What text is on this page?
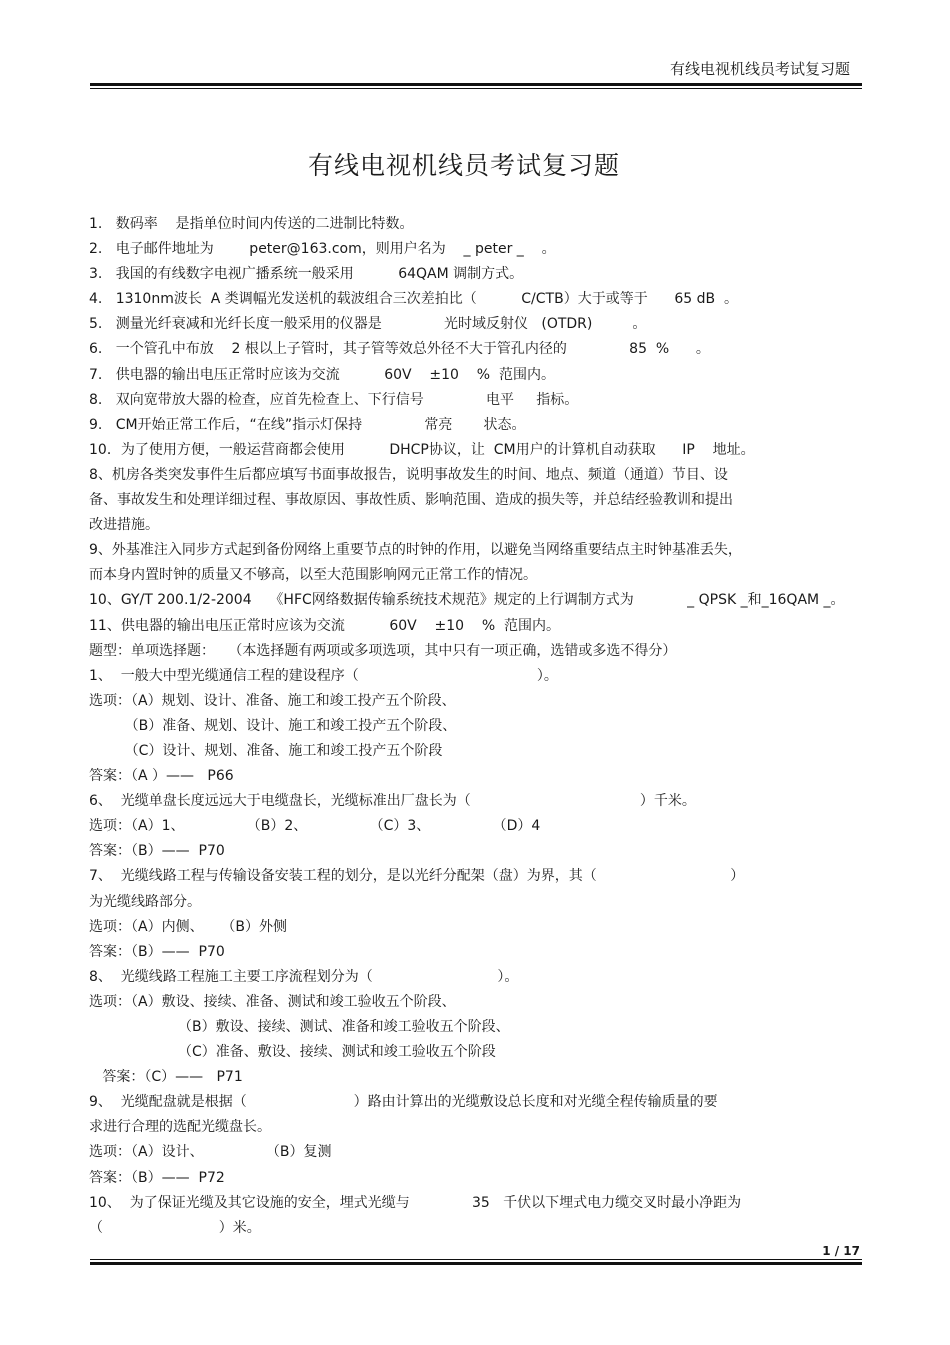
有线电视机线员考试复习题
有线电视机线员考试复习题
1.   数码率    是指单位时间内传送的二进制比特数。
2.   电子邮件地址为        peter@163.com，则用户名为    _ peter _    。
3.   我国的有线数字电视广播系统一般采用          64QAM 调制方式。
4.   1310nm波长  A 类调幅光发送机的载波组合三次差拍比（          C/CTB）大于或等于      65 dB  。
5.   测量光纤衰减和光纤长度一般采用的仪器是              光时域反射仪   (OTDR)         。
6.   一个管孔中布放    2 根以上子管时，其子管等效总外径不大于管孔内径的              85  %      。
7.   供电器的输出电压正常时应该为交流          60V    ±10    %  范围内。
8.   双向宽带放大器的检查，应首先检查上、下行信号              电平     指标。
9.   CM开始正常工作后，“在线”指示灯保持              常亮       状态。
10．为了使用方便，一般运营商都会使用          DHCP协议，让  CM用户的计算机自动获取      IP    地址。
8、机房各类突发事件生后都应填写书面事故报告，说明事故发生的时间、地点、频道（通道）节目、设
备、事故发生和处理详细过程、事故原因、事故性质、影响范围、造成的损失等，并总结经验教训和提出
改进措施。
9、外基准注入同步方式起到备份网络上重要节点的时钟的作用，以避免当网络重要结点主时钟基准丢失，
而本身内置时钟的质量又不够高，以至大范围影响网元正常工作的情况。
10、GY/T 200.1/2-2004    《HFC网络数据传输系统技术规范》规定的上行调制方式为            _ QPSK _和_16QAM _。
11、供电器的输出电压正常时应该为交流          60V    ±10    %  范围内。
题型：单项选择题：   （本选择题有两项或多项选项，其中只有一项正确，选错或多选不得分）
1、  一般大中型光缆通信工程的建设程序（                                        ）。
选项：（A）规划、设计、准备、施工和竣工投产五个阶段、
（B）准备、规划、设计、施工和竣工投产五个阶段、
（C）设计、规划、准备、施工和竣工投产五个阶段
答案：（A ）——   P66
6、  光缆单盘长度远远大于电缆盘长，光缆标准出厂盘长为（                                      ）千米。
选项：（A）1、              （B）2、              （C）3、              （D）4
答案：（B）——  P70
7、  光缆线路工程与传输设备安装工程的划分，是以光纤分配架（盘）为界，其（                              ）
为光缆线路部分。
选项：（A）内侧、    （B）外侧
答案：（B）——  P70
8、  光缆线路工程施工主要工序流程划分为（                            ）。
选项：（A）敷设、接续、准备、测试和竣工验收五个阶段、
（B）敷设、接续、测试、准备和竣工验收五个阶段、
（C）准备、敷设、接续、测试和竣工验收五个阶段
答案：（C）——   P71
9、  光缆配盘就是根据（                        ）路由计算出的光缆敷设总长度和对光缆全程传输质量的要
求进行合理的选配光缆盘长。
选项：（A）设计、              （B）复测
答案：（B）——  P72
10、  为了保证光缆及其它设施的安全，埋式光缆与              35   千伏以下埋式电力缆交叉时最小净距为
（                          ）米。
1 / 17
